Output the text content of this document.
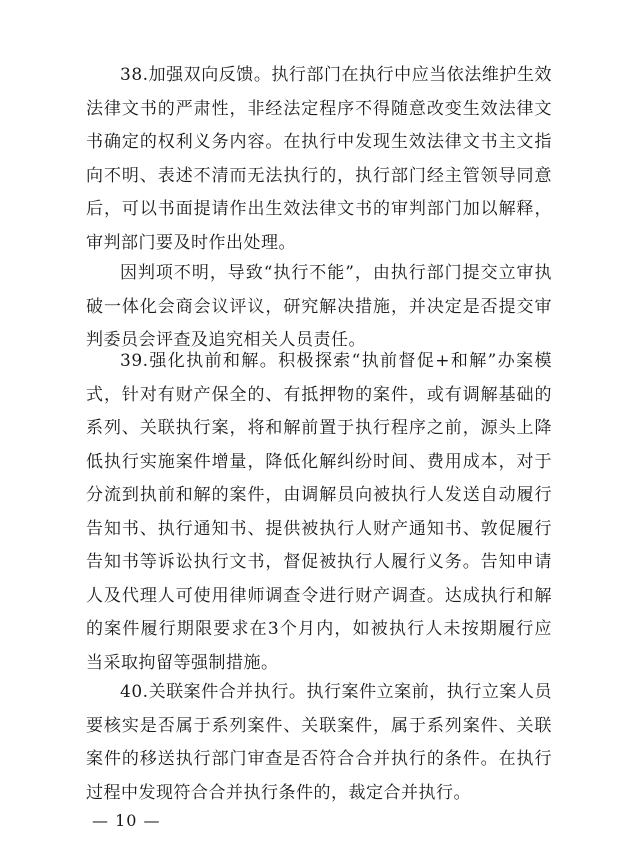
38.加强双向反馈。执行部门在执行中应当依法维护生效法律文书的严肃性，非经法定程序不得随意改变生效法律文书确定的权利义务内容。在执行中发现生效法律文书主文指向不明、表述不清而无法执行的，执行部门经主管领导同意后，可以书面提请作出生效法律文书的审判部门加以解释，审判部门要及时作出处理。

因判项不明，导致“执行不能”，由执行部门提交立审执破一体化会商会议评议，研究解决措施，并决定是否提交审判委员会评查及追究相关人员责任。

39.强化执前和解。积极探索“执前督促+和解”办案模式，针对有财产保全的、有抵押物的案件，或有调解基础的系列、关联执行案，将和解前置于执行程序之前，源头上降低执行实施案件增量，降低化解纠纷时间、费用成本，对于分流到执前和解的案件，由调解员向被执行人发送自动履行告知书、执行通知书、提供被执行人财产通知书、敦促履行告知书等诉讼执行文书，督促被执行人履行义务。告知申请人及代理人可使用律师调查令进行财产调查。达成执行和解的案件履行期限要求在3个月内，如被执行人未按期履行应当采取拘留等强制措施。

40.关联案件合并执行。执行案件立案前，执行立案人员要核实是否属于系列案件、关联案件，属于系列案件、关联案件的移送执行部门审查是否符合合并执行的条件。在执行过程中发现符合合并执行条件的，裁定合并执行。

— 10 —
